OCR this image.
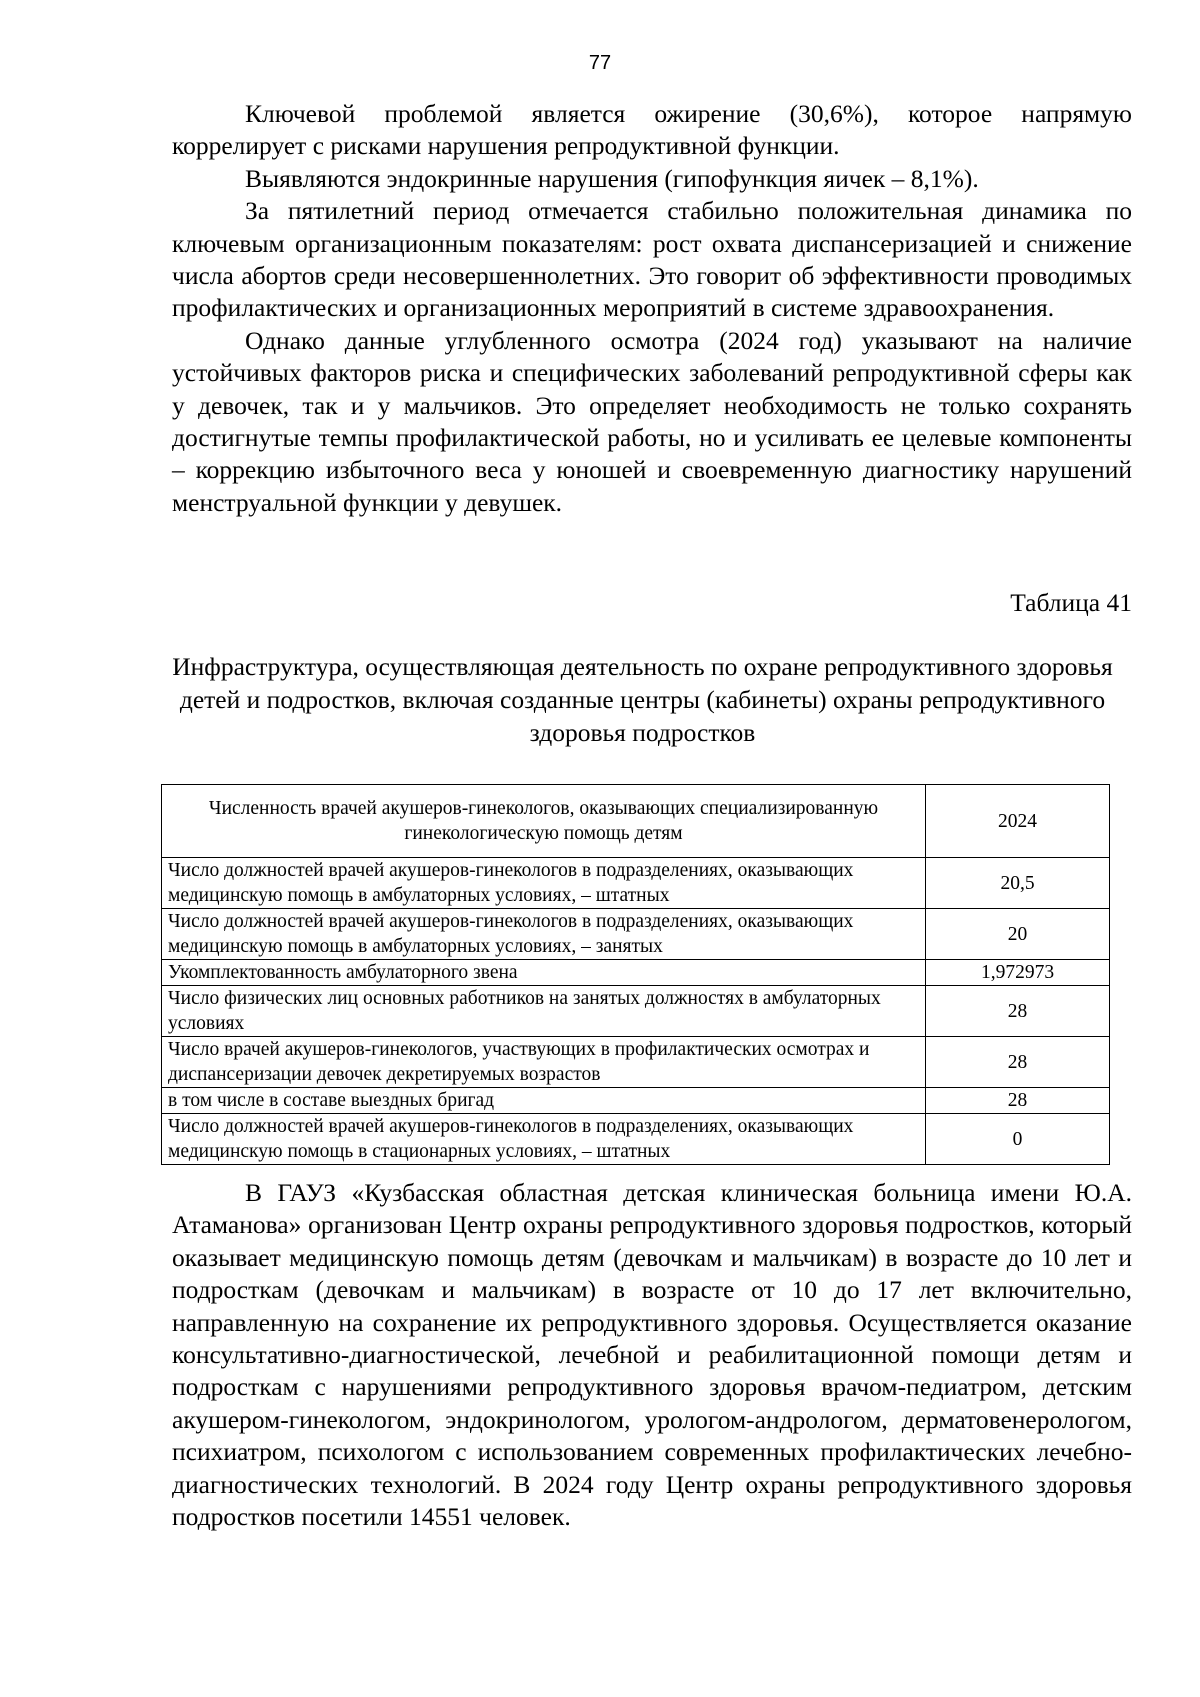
77

Ключевой проблемой является ожирение (30,6%), которое напрямую коррелирует с рисками нарушения репродуктивной функции.

Выявляются эндокринные нарушения (гипофункция яичек – 8,1%).

За пятилетний период отмечается стабильно положительная динамика по ключевым организационным показателям: рост охвата диспансеризацией и снижение числа абортов среди несовершеннолетних. Это говорит об эффективности проводимых профилактических и организационных мероприятий в системе здравоохранения.

Однако данные углубленного осмотра (2024 год) указывают на наличие устойчивых факторов риска и специфических заболеваний репродуктивной сферы как у девочек, так и у мальчиков. Это определяет необходимость не только сохранять достигнутые темпы профилактической работы, но и усиливать ее целевые компоненты – коррекцию избыточного веса у юношей и своевременную диагностику нарушений менструальной функции у девушек.

Таблица 41
Инфраструктура, осуществляющая деятельность по охране репродуктивного здоровья детей и подростков, включая созданные центры (кабинеты) охраны репродуктивного здоровья подростков
Численность врачей акушеров-гинекологов, оказывающих специализированную гинекологическую помощь детям	2024
Число должностей врачей акушеров-гинекологов в подразделениях, оказывающих медицинскую помощь в амбулаторных условиях, – штатных	20,5
Число должностей врачей акушеров-гинекологов в подразделениях, оказывающих медицинскую помощь в амбулаторных условиях, – занятых	20
Укомплектованность амбулаторного звена	1,972973
Число физических лиц основных работников на занятых должностях в амбулаторных условиях	28
Число врачей акушеров-гинекологов, участвующих в профилактических осмотрах и диспансеризации девочек декретируемых возрастов	28
в том числе в составе выездных бригад	28
Число должностей врачей акушеров-гинекологов в подразделениях, оказывающих медицинскую помощь в стационарных условиях, – штатных	0

В ГАУЗ «Кузбасская областная детская клиническая больница имени Ю.А. Атаманова» организован Центр охраны репродуктивного здоровья подростков, который оказывает медицинскую помощь детям (девочкам и мальчикам) в возрасте до 10 лет и подросткам (девочкам и мальчикам) в возрасте от 10 до 17 лет включительно, направленную на сохранение их репродуктивного здоровья. Осуществляется оказание консультативно-диагностической, лечебной и реабилитационной помощи детям и подросткам с нарушениями репродуктивного здоровья врачом-педиатром, детским акушером-гинекологом, эндокринологом, урологом-андрологом, дерматовенерологом, психиатром, психологом с использованием современных профилактических лечебно-диагностических технологий. В 2024 году Центр охраны репродуктивного здоровья подростков посетили 14551 человек.
